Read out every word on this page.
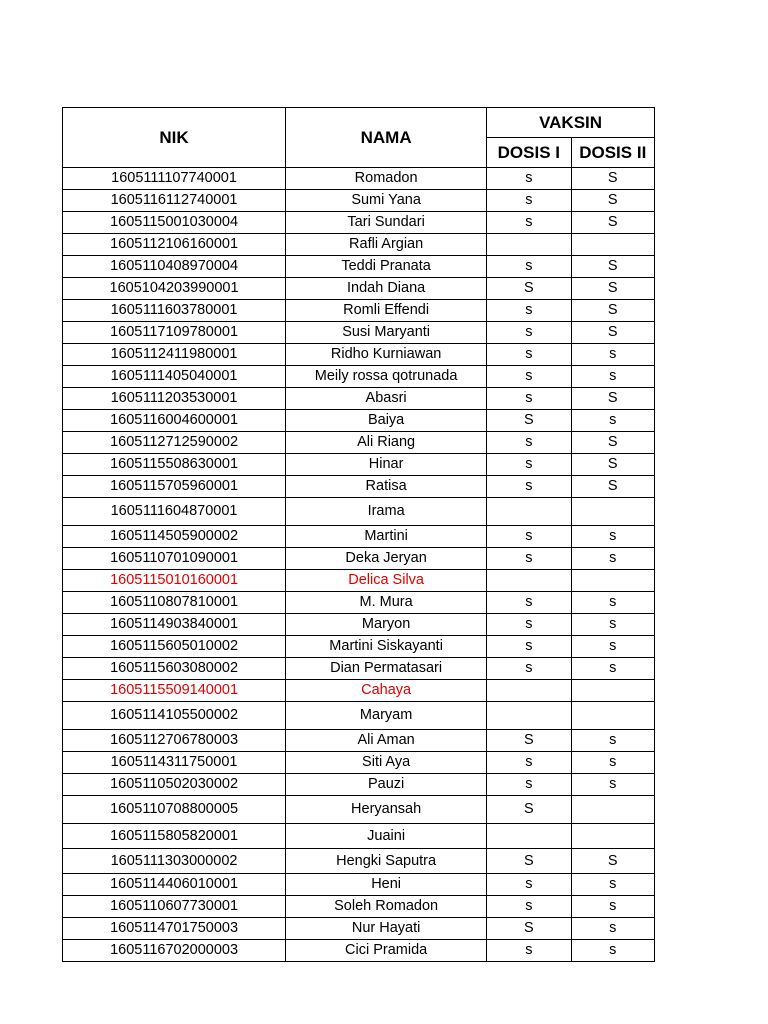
NIK	NAMA	VAKSIN	
		DOSIS I	DOSIS II
1605111107740001	Romadon	s	S
1605116112740001	Sumi Yana	s	S
1605115001030004	Tari Sundari	s	S
1605112106160001	Rafli Argian		
1605110408970004	Teddi Pranata	s	S
1605104203990001	Indah Diana	S	S
1605111603780001	Romli Effendi	s	S
1605117109780001	Susi Maryanti	s	S
1605112411980001	Ridho Kurniawan	s	s
1605111405040001	Meily rossa qotrunada	s	s
1605111203530001	Abasri	s	S
1605116004600001	Baiya	S	s
1605112712590002	Ali Riang	s	S
1605115508630001	Hinar	s	S
1605115705960001	Ratisa	s	S
1605111604870001	Irama		
1605114505900002	Martini	s	s
1605110701090001	Deka Jeryan	s	s
1605115010160001	Delica Silva		
1605110807810001	M. Mura	s	s
1605114903840001	Maryon	s	s
1605115605010002	Martini Siskayanti	s	s
1605115603080002	Dian Permatasari	s	s
1605115509140001	Cahaya		
1605114105500002	Maryam		
1605112706780003	Ali Aman	S	s
1605114311750001	Siti Aya	s	s
1605110502030002	Pauzi	s	s
1605110708800005	Heryansah	S	
1605115805820001	Juaini		
1605111303000002	Hengki Saputra	S	S
1605114406010001	Heni	s	s
1605110607730001	Soleh Romadon	s	s
1605114701750003	Nur Hayati	S	s
1605116702000003	Cici Pramida	s	s
